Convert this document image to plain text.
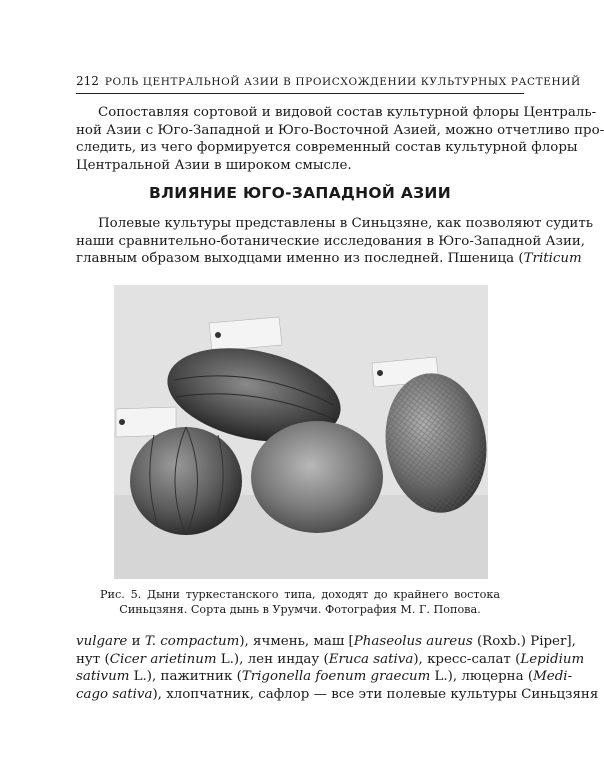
212 РОЛЬ ЦЕНТРАЛЬНОЙ АЗИИ В ПРОИСХОЖДЕНИИ КУЛЬТУРНЫХ РАСТЕНИЙ

Сопоставляя сортовой и видовой состав культурной флоры Централь-
ной Азии с Юго-Западной и Юго-Восточной Азией, можно отчетливо про-
следить, из чего формируется современный состав культурной флоры
Центральной Азии в широком смысле.

ВЛИЯНИЕ ЮГО-ЗАПАДНОЙ АЗИИ

Полевые культуры представлены в Синьцзяне, как позволяют судить
наши сравнительно-ботанические исследования в Юго-Западной Азии,
главным образом выходцами именно из последней. Пшеница (Triticum

Рис. 5. Дыни туркестанского типа, доходят до крайнего востока
Синьцзяня. Сорта дынь в Урумчи. Фотография М. Г. Попова.

vulgare и T. compactum), ячмень, маш [Phaseolus aureus (Roxb.) Piper],
нут (Cicer arietinum L.), лен индау (Eruca sativa), кресс-салат (Lepidium
sativum L.), пажитник (Trigonella foenum graecum L.), люцерна (Medi-
cago sativa), хлопчатник, сафлор — все эти полевые культуры Синьцзяня
